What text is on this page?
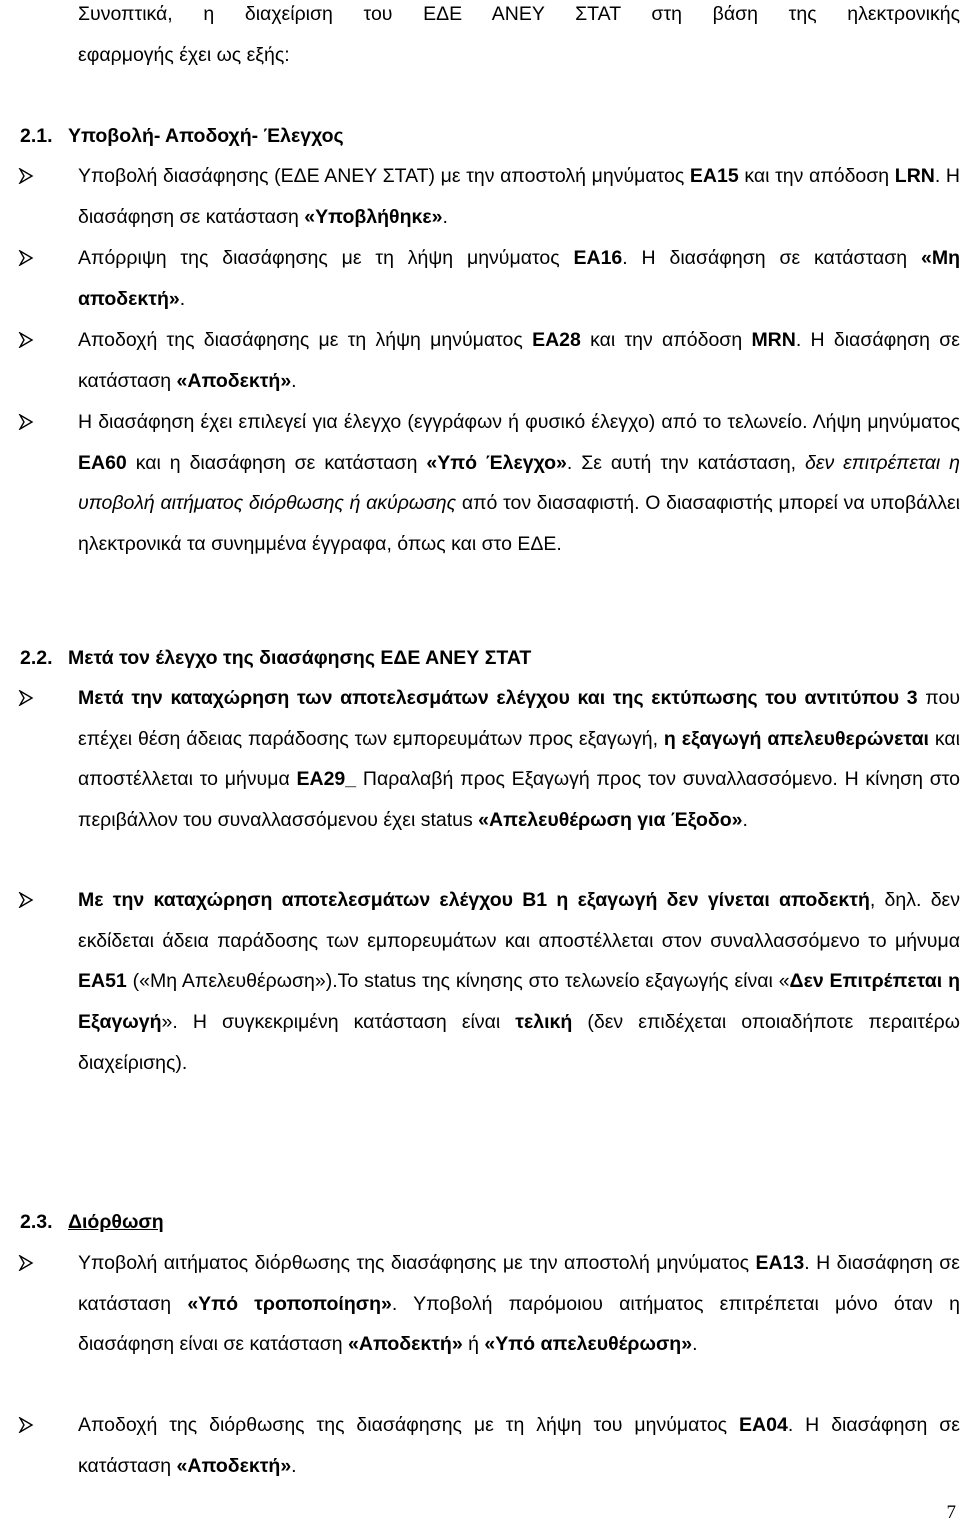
Συνοπτικά, η διαχείριση του ΕΔΕ ΑΝΕΥ ΣΤΑΤ στη βάση της ηλεκτρονικής
εφαρμογής έχει ως εξής:
2.1. Υποβολή- Αποδοχή- Έλεγχος
Υποβολή διασάφησης (ΕΔΕ ΑΝΕΥ ΣΤΑΤ) με την αποστολή μηνύματος ΕΑ15 και την απόδοση LRN. Η διασάφηση σε κατάσταση «Υποβλήθηκε».
Απόρριψη της διασάφησης με τη λήψη μηνύματος ΕΑ16. Η διασάφηση σε κατάσταση «Μη αποδεκτή».
Αποδοχή της διασάφησης με τη λήψη μηνύματος ΕΑ28 και την απόδοση MRN. Η διασάφηση σε κατάσταση «Αποδεκτή».
Η διασάφηση έχει επιλεγεί για έλεγχο (εγγράφων ή φυσικό έλεγχο) από το τελωνείο. Λήψη μηνύματος ΕΑ60 και η διασάφηση σε κατάσταση «Υπό Έλεγχο». Σε αυτή την κατάσταση, δεν επιτρέπεται η υποβολή αιτήματος διόρθωσης ή ακύρωσης από τον διασαφιστή. Ο διασαφιστής μπορεί να υποβάλλει ηλεκτρονικά τα συνημμένα έγγραφα, όπως και στο ΕΔΕ.
2.2. Μετά τον έλεγχο της διασάφησης ΕΔΕ ΑΝΕΥ ΣΤΑΤ
Μετά την καταχώρηση των αποτελεσμάτων ελέγχου και της εκτύπωσης του αντιτύπου 3 που επέχει θέση άδειας παράδοσης των εμπορευμάτων προς εξαγωγή, η εξαγωγή απελευθερώνεται και αποστέλλεται το μήνυμα ΕΑ29_ Παραλαβή προς Εξαγωγή προς τον συναλλασσόμενο. Η κίνηση στο περιβάλλον του συναλλασσόμενου έχει status «Απελευθέρωση για Έξοδο».
Με την καταχώρηση αποτελεσμάτων ελέγχου Β1 η εξαγωγή δεν γίνεται αποδεκτή, δηλ. δεν εκδίδεται άδεια παράδοσης των εμπορευμάτων και αποστέλλεται στον συναλλασσόμενο το μήνυμα ΕΑ51 («Μη Απελευθέρωση»).Το status της κίνησης στο τελωνείο εξαγωγής είναι «Δεν Επιτρέπεται η Εξαγωγή». Η συγκεκριμένη κατάσταση είναι τελική (δεν επιδέχεται οποιαδήποτε περαιτέρω διαχείρισης).
2.3. Διόρθωση
Υποβολή αιτήματος διόρθωσης της διασάφησης με την αποστολή μηνύματος ΕΑ13. Η διασάφηση σε κατάσταση «Υπό τροποποίηση». Υποβολή παρόμοιου αιτήματος επιτρέπεται μόνο όταν η διασάφηση είναι σε κατάσταση «Αποδεκτή» ή «Υπό απελευθέρωση».
Αποδοχή της διόρθωσης της διασάφησης με τη λήψη του μηνύματος ΕΑ04. Η διασάφηση σε κατάσταση «Αποδεκτή».
7
